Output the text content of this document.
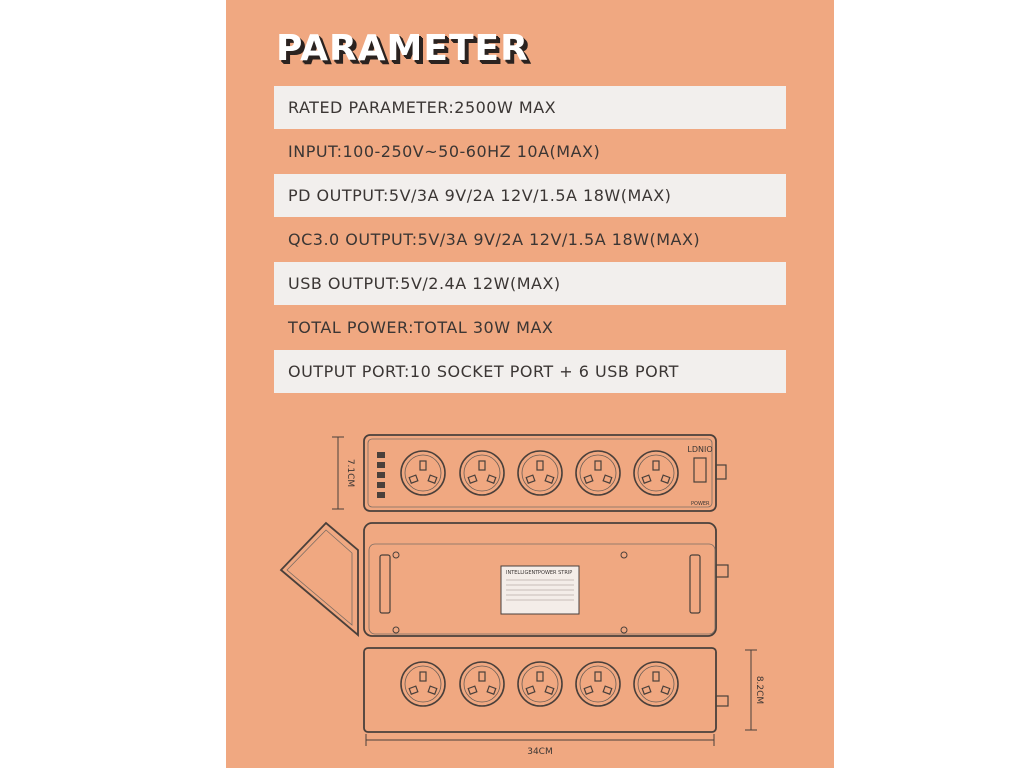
PARAMETER
RATED PARAMETER:2500W MAX
INPUT:100-250V~50-60HZ 10A(MAX)
PD OUTPUT:5V/3A 9V/2A 12V/1.5A 18W(MAX)
QC3.0 OUTPUT:5V/3A 9V/2A 12V/1.5A 18W(MAX)
USB OUTPUT:5V/2.4A 12W(MAX)
TOTAL POWER:TOTAL 30W MAX
OUTPUT PORT:10 SOCKET PORT + 6 USB PORT
LDNIO
POWER
7.1CM
INTELLIGENT POWER STRIP
8.2CM
34CM
